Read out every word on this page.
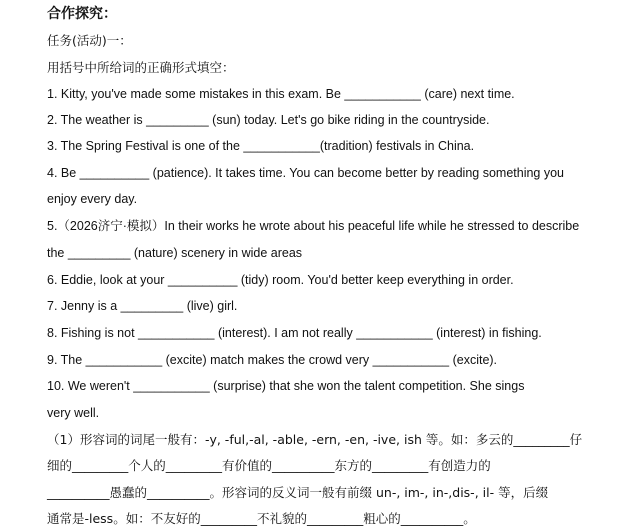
合作探究：
任务(活动)一：
用括号中所给词的正确形式填空：
1. Kitty, you've made some mistakes in this exam. Be ___________ (care) next time.
2. The weather is _________ (sun) today. Let's go bike riding in the countryside.
3. The Spring Festival is one of the ___________(tradition) festivals in China.
4. Be __________ (patience). It takes time. You can become better by reading something you
enjoy every day.
5.（2026济宁·模拟）In their works he wrote about his peaceful life while he stressed to describe
the _________ (nature) scenery in wide areas
6. Eddie, look at your __________ (tidy) room. You'd better keep everything in order.
7. Jenny is a _________ (live) girl.
8. Fishing is not ___________ (interest). I am not really ___________ (interest) in fishing.
9. The ___________ (excite) match makes the crowd very ___________ (excite).
10. We weren't ___________ (surprise) that she won the talent competition. She sings
very well.
（1）形容词的词尾一般有：-y, -ful,-al, -able, -ern, -en, -ive, ish 等。如：多云的_________仔
细的_________个人的_________有价值的__________东方的_________有创造力的
__________愚蠢的__________。形容词的反义词一般有前缀 un-, im-, in-,dis-, il- 等，后缀
通常是-less。如：不友好的_________不礼貌的_________粗心的__________。
